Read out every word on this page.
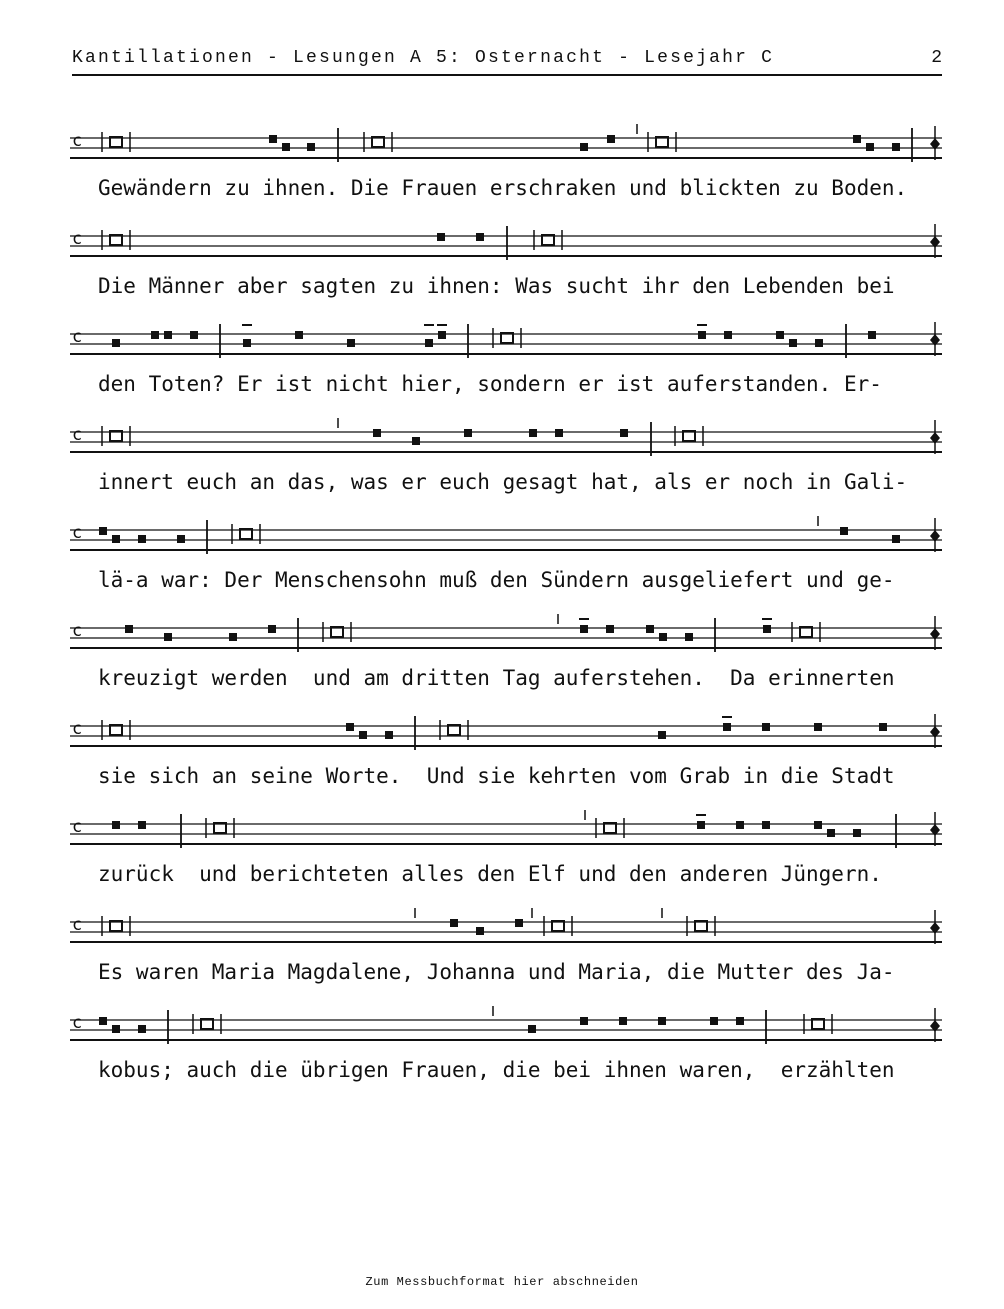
Kantillationen - Lesungen A 5: Osternacht - Lesejahr C	2
c
Gewändern zu ihnen. Die Frauen erschraken und blickten zu Boden.
c
Die Männer aber sagten zu ihnen: Was sucht ihr den Lebenden bei
c
den Toten? Er ist nicht hier, sondern er ist auferstanden. Er-
c
innert euch an das, was er euch gesagt hat, als er noch in Gali-
c
lä-a war: Der Menschensohn muß den Sündern ausgeliefert und ge-
c
kreuzigt werden  und am dritten Tag auferstehen.  Da erinnerten
c
sie sich an seine Worte.  Und sie kehrten vom Grab in die Stadt
c
zurück  und berichteten alles den Elf und den anderen Jüngern.
c
Es waren Maria Magdalene, Johanna und Maria, die Mutter des Ja-
c
kobus; auch die übrigen Frauen, die bei ihnen waren,  erzählten
Zum Messbuchformat hier abschneiden
